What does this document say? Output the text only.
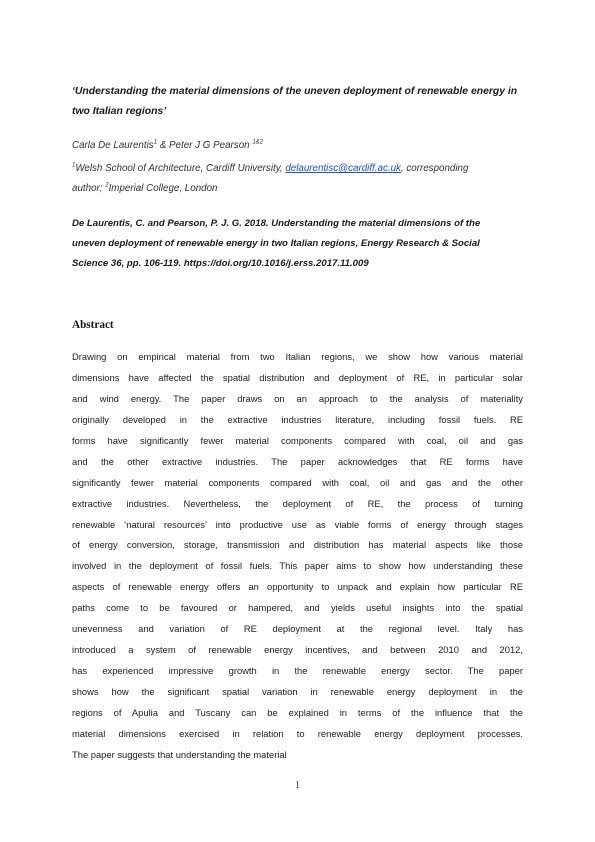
‘Understanding the material dimensions of the uneven deployment of renewable energy in
two Italian regions’
Carla De Laurentis$^1$ & Peter J G Pearson $^{1\&2}$
$^1$Welsh School of Architecture, Cardiff University, delaurentisc@cardiff.ac.uk, corresponding
author; $^2$Imperial College, London
De Laurentis, C. and Pearson, P. J. G. 2018. Understanding the material dimensions of the
uneven deployment of renewable energy in two Italian regions, Energy Research & Social
Science 36, pp. 106-119. https://doi.org/10.1016/j.erss.2017.11.009
Abstract
Drawing on empirical material from two Italian regions, we show how various material
dimensions have affected the spatial distribution and deployment of RE, in particular solar
and wind energy. The paper draws on an approach to the analysis of materiality
originally developed in the extractive industries literature, including fossil fuels. RE
forms have significantly fewer material components compared with coal, oil and gas
and the other extractive industries. The paper acknowledges that RE forms have
significantly fewer material components compared with coal, oil and gas and the other
extractive industries. Nevertheless, the deployment of RE, the process of turning
renewable ‘natural resources’ into productive use as viable forms of energy through stages
of energy conversion, storage, transmission and distribution has material aspects like those
involved in the deployment of fossil fuels. This paper aims to show how understanding these
aspects of renewable energy offers an opportunity to unpack and explain how particular RE
paths come to be favoured or hampered, and yields useful insights into the spatial
unevenness and variation of RE deployment at the regional level. Italy has
introduced a system of renewable energy incentives, and between 2010 and 2012,
has experienced impressive growth in the renewable energy sector. The paper
shows how the significant spatial variation in renewable energy deployment in the
regions of Apulia and Tuscany can be explained in terms of the influence that the
material dimensions exercised in relation to renewable energy deployment processes.
The paper suggests that understanding the material
1
